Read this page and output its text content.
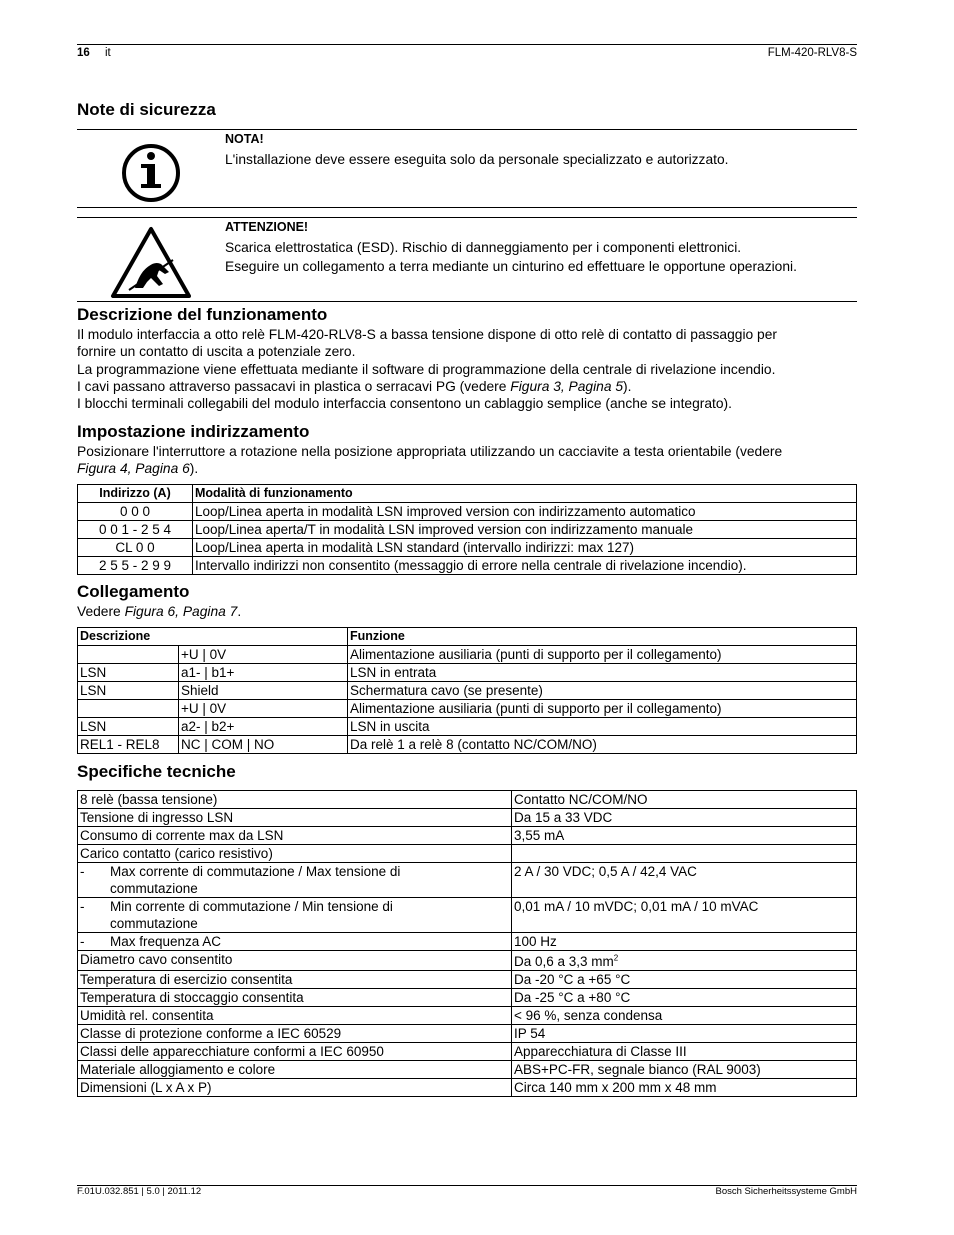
16 it	FLM-420-RLV8-S
Note di sicurezza
NOTA!
L'installazione deve essere eseguita solo da personale specializzato e autorizzato.
ATTENZIONE!
Scarica elettrostatica (ESD). Rischio di danneggiamento per i componenti elettronici.
Eseguire un collegamento a terra mediante un cinturino ed effettuare le opportune operazioni.
Descrizione del funzionamento
Il modulo interfaccia a otto relè FLM-420-RLV8-S a bassa tensione dispone di otto relè di contatto di passaggio per
fornire un contatto di uscita a potenziale zero.
La programmazione viene effettuata mediante il software di programmazione della centrale di rivelazione incendio.
I cavi passano attraverso passacavi in plastica o serracavi PG (vedere Figura 3, Pagina 5).
I blocchi terminali collegabili del modulo interfaccia consentono un cablaggio semplice (anche se integrato).
Impostazione indirizzamento
Posizionare l'interruttore a rotazione nella posizione appropriata utilizzando un cacciavite a testa orientabile (vedere
Figura 4, Pagina 6).
Indirizzo (A)	Modalità di funzionamento
0 0 0	Loop/Linea aperta in modalità LSN improved version con indirizzamento automatico
0 0 1 - 2 5 4	Loop/Linea aperta/T in modalità LSN improved version con indirizzamento manuale
CL 0 0	Loop/Linea aperta in modalità LSN standard (intervallo indirizzi: max 127)
2 5 5 - 2 9 9	Intervallo indirizzi non consentito (messaggio di errore nella centrale di rivelazione incendio).
Collegamento
Vedere Figura 6, Pagina 7.
Descrizione		Funzione
	+U | 0V	Alimentazione ausiliaria (punti di supporto per il collegamento)
LSN	a1- | b1+	LSN in entrata
LSN	Shield	Schermatura cavo (se presente)
	+U | 0V	Alimentazione ausiliaria (punti di supporto per il collegamento)
LSN	a2- | b2+	LSN in uscita
REL1 - REL8	NC | COM | NO	Da relè 1 a relè 8 (contatto NC/COM/NO)
Specifiche tecniche
8 relè (bassa tensione)	Contatto NC/COM/NO
Tensione di ingresso LSN	Da 15 a 33 VDC
Consumo di corrente max da LSN	3,55 mA
Carico contatto (carico resistivo)	

- Max corrente di commutazione / Max tensione di
commutazione	2 A / 30 VDC; 0,5 A / 42,4 VAC

- Min corrente di commutazione / Min tensione di
commutazione	0,01 mA / 10 mVDC; 0,01 mA / 10 mVAC

- Max frequenza AC	100 Hz
Diametro cavo consentito	Da 0,6 a 3,3 $mm^2$
Temperatura di esercizio consentita	Da -20 °C a +65 °C
Temperatura di stoccaggio consentita	Da -25 °C a +80 °C
Umidità rel. consentita	< 96 %, senza condensa
Classe di protezione conforme a IEC 60529	IP 54
Classi delle apparecchiature conformi a IEC 60950	Apparecchiatura di Classe III
Materiale alloggiamento e colore	ABS+PC-FR, segnale bianco (RAL 9003)
Dimensioni (L x A x P)	Circa 140 mm x 200 mm x 48 mm
F.01U.032.851 | 5.0 | 2011.12	Bosch Sicherheitssysteme GmbH
